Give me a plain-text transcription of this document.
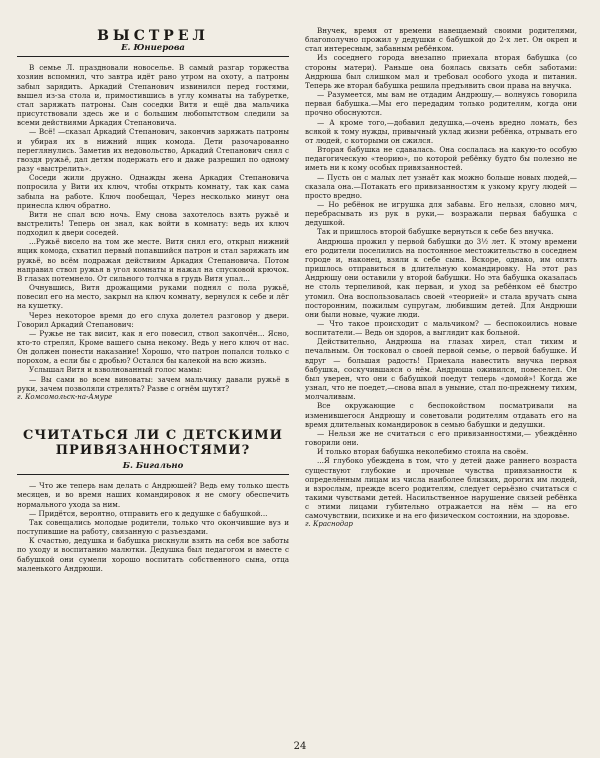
ВЫСТРЕЛ
Е. Юниерова

В семье Л. праздновали новоселье. В самый разгар торжества хозяин вспомнил, что завтра идёт рано утром на охоту, а патроны забыл зарядить. Аркадий Степанович извинился перед гостями, вышел из-за стола и, примостившись в углу комнаты на табуретке, стал заряжать патроны. Сын соседки Витя и ещё два мальчика присутствовали здесь же и с большим любопытством следили за всеми действиями Аркадия Степановича.

— Всё! —сказал Аркадий Степанович, закончив заряжать патроны и убирая их в нижний ящик комода. Дети разочарованно переглянулись. Заметив их недовольство, Аркадий Степанович снял с гвоздя ружьё, дал детям подержать его и даже разрешил по одному разу «выстрелить».

Соседи жили дружно. Однажды жена Аркадия Степановича попросила у Вити их ключ, чтобы открыть комнату, так как сама забыла на работе. Ключ пообещал, Через несколько минут она принесла ключ обратно.

Витя не спал всю ночь. Ему снова захотелось взять ружьё и выстрелить! Теперь он знал, как войти в комнату: ведь их ключ подходил к двери соседей.

...Ружьё висело на том же месте. Витя снял его, открыл нижний ящик комода, схватил первый попавшийся патрон и стал заряжать им ружьё, во всём подражая действиям Аркадия Степановича. Потом направил ствол ружья в угол комнаты и нажал на спусковой крючок. В глазах потемнело. От сильного толчка в грудь Витя упал...

Очнувшись, Витя дрожащими руками поднял с пола ружьё, повесил его на место, закрыл на ключ комнату, вернулся к себе и лёг на кушетку.

Через некоторое время до его слуха долетел разговор у двери. Говорил Аркадий Степанович:

— Ружье не так висит, как я его повесил, ствол закопчён... Ясно, кто-то стрелял, Кроме вашего сына некому. Ведь у него ключ от нас. Он должен понести наказание! Хорошо, что патрон попался только с порохом, а если бы с дробью? Остался бы калекой на всю жизнь.

Услышал Витя и взволнованный голос мамы:

— Вы сами во всем виноваты: зачем мальчику давали ружьё в руки, зачем позволяли стрелять? Разве с огнём шутят?

г. Комсомольск-на-Амуре

СЧИТАТЬСЯ ЛИ С ДЕТСКИМИ ПРИВЯЗАННОСТЯМИ?
Б. Бигально

— Что же теперь нам делать с Андрюшей? Ведь ему только шесть месяцев, и во время наших командировок я не смогу обеспечить нормального ухода за ним.

— Придётся, вероятно, отправить его к дедушке с бабушкой...

Так совещались молодые родители, только что окончившие вуз и поступившие на работу, связанную с разъездами.

К счастью, дедушка и бабушка рискнули взять на себя все заботы по уходу и воспитанию малютки. Дедушка был педагогом и вместе с бабушкой они сумели хорошо воспитать собственного сына, отца маленького Андрюши.

Внучек, время от времени навещаемый своими родителями, благополучно прожил у дедушки с бабушкой до 2-х лет. Он окреп и стал интересным, забавным ребёнком.

Из соседнего города внезапно приехала вторая бабушка (со стороны матери). Раньше она боялась связать себя заботами: Андрюша был слишком мал и требовал особого ухода и питания. Теперь же вторая бабушка решила предъявить свои права на внучка.

— Разумеется, мы вам не отдадим Андрюшу,— волнуясь говорила первая бабушка.—Мы его передадим только родителям, когда они прочно обоснуются.

— А кроме того,—добавил дедушка,—очень вредно ломать, без всякой к тому нужды, привычный уклад жизни ребёнка, отрывать его от людей, с которыми он сжился.

Вторая бабушка не сдавалась. Она сослалась на какую-то особую педагогическую «теорию», по которой ребёнку будто бы полезно не иметь ни к кому особых привязанностей.

— Пусть он с малых лет узнаёт как можно больше новых людей,—сказала она.—Потакать его привязанностям к узкому кругу людей — просто вредно.

— Но ребёнок не игрушка для забавы. Его нельзя, словно мяч, перебрасывать из рук в руки,— возражали первая бабушка с дедушкой.

Так и пришлось второй бабушке вернуться к себе без внучка.

Андрюша прожил у первой бабушки до 3½ лет. К этому времени его родители поселились на постоянное местожительство в соседнем городе и, наконец, взяли к себе сына. Вскоре, однако, им опять пришлось отправиться в длительную командировку. На этот раз Андрюшу они оставили у второй бабушки. Но эта бабушка оказалась не столь терпеливой, как первая, и уход за ребёнком её быстро утомил. Она воспользовалась своей «теорией» и стала вручать сына посторонним, пожилым супругам, любившим детей. Для Андрюши они были новые, чужие люди.

— Что такое происходит с мальчиком? — беспокоились новые воспитатели.— Ведь он здоров, а выглядит как больной.

Действительно, Андрюша на глазах хирел, стал тихим и печальным. Он тосковал о своей первой семье, о первой бабушке. И вдруг — большая радость! Приехала навестить внучка первая бабушка, соскучившаяся о нём. Андрюша оживился, повеселел. Он был уверен, что они с бабушкой поедут теперь «домой»! Когда же узнал, что не поедет,—снова впал в уныние, стал по-прежнему тихим, молчаливым.

Все окружающие с беспокойством посматривали на изменившегося Андрюшу и советовали родителям отдавать его на время длительных командировок в семью бабушки и дедушки.

— Нельзя же не считаться с его привязанностями,— убеждённо говорили они.

И только вторая бабушка неколебимо стояла на своём.

...Я глубоко убеждена в том, что у детей даже раннего возраста существуют глубокие и прочные чувства привязанности к определённым лицам из числа наиболее близких, дорогих им людей, и взрослым, прежде всего родителям, следует серьёзно считаться с такими чувствами детей. Насильственное нарушение связей ребёнка с этими лицами губительно отражается на нём — на его самочувствии, психике и на его физическом состоянии, на здоровье.

г. Краснодар

24
